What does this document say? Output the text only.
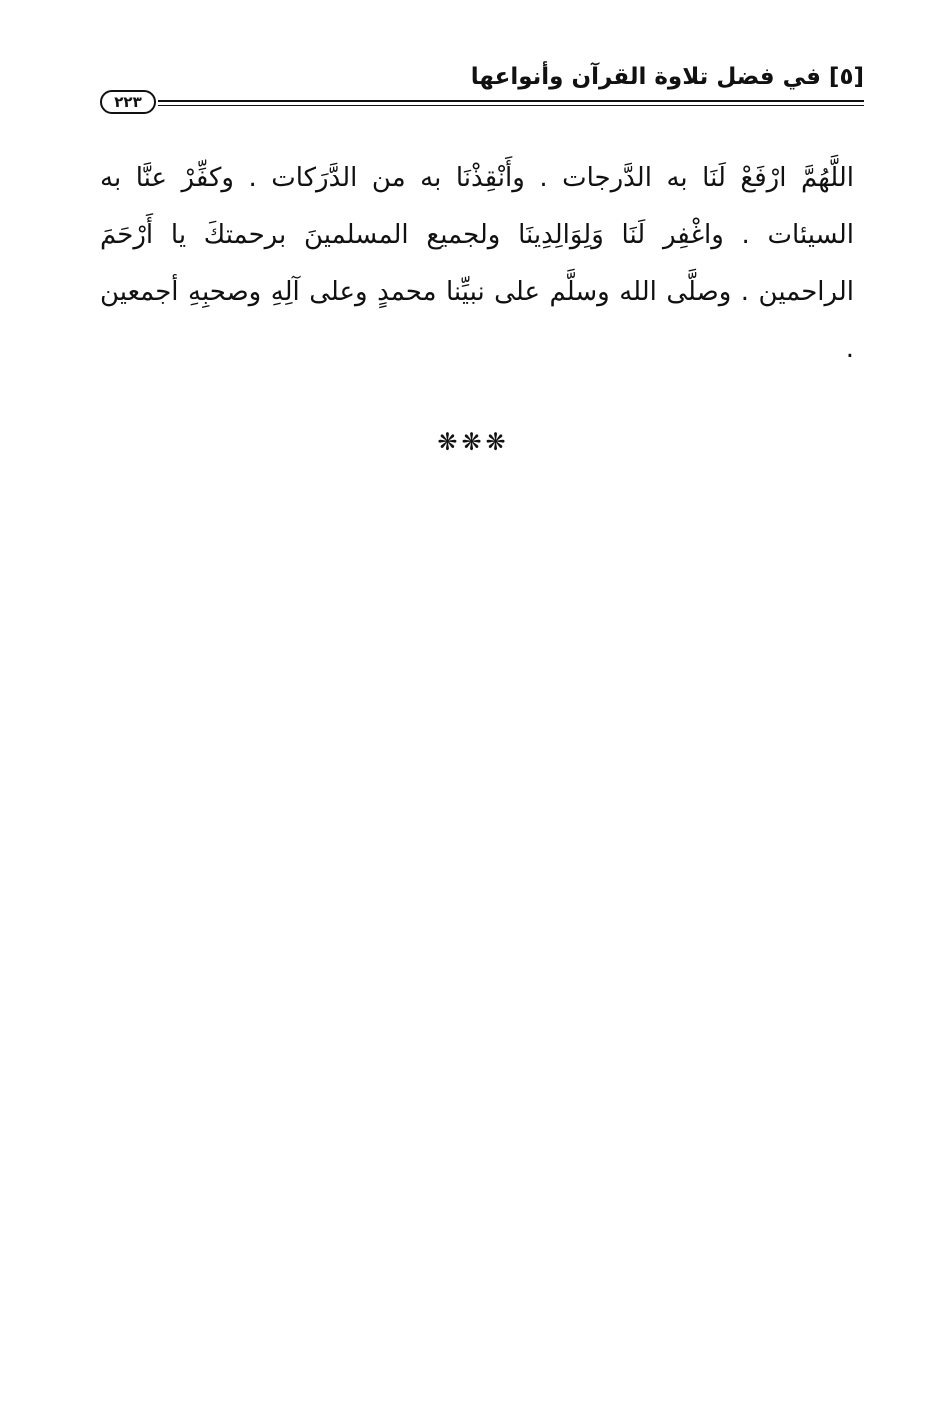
[٥] في فضل تلاوة القرآن وأنواعها
٢٢٣
اللَّهُمَّ ارْفَعْ لَنَا به الدَّرجات . وأَنْقِذْنَا به من الدَّرَكات . وكفِّرْ عنَّا به السيئات . واغْفِر لَنَا وَلِوَالِدِينَا ولجميع المسلمينَ برحمتكَ يا أَرْحَمَ الراحمين . وصلَّى الله وسلَّم على نبيِّنا محمدٍ وعلى آلِهِ وصحبِهِ أجمعين .
❋❋❋
